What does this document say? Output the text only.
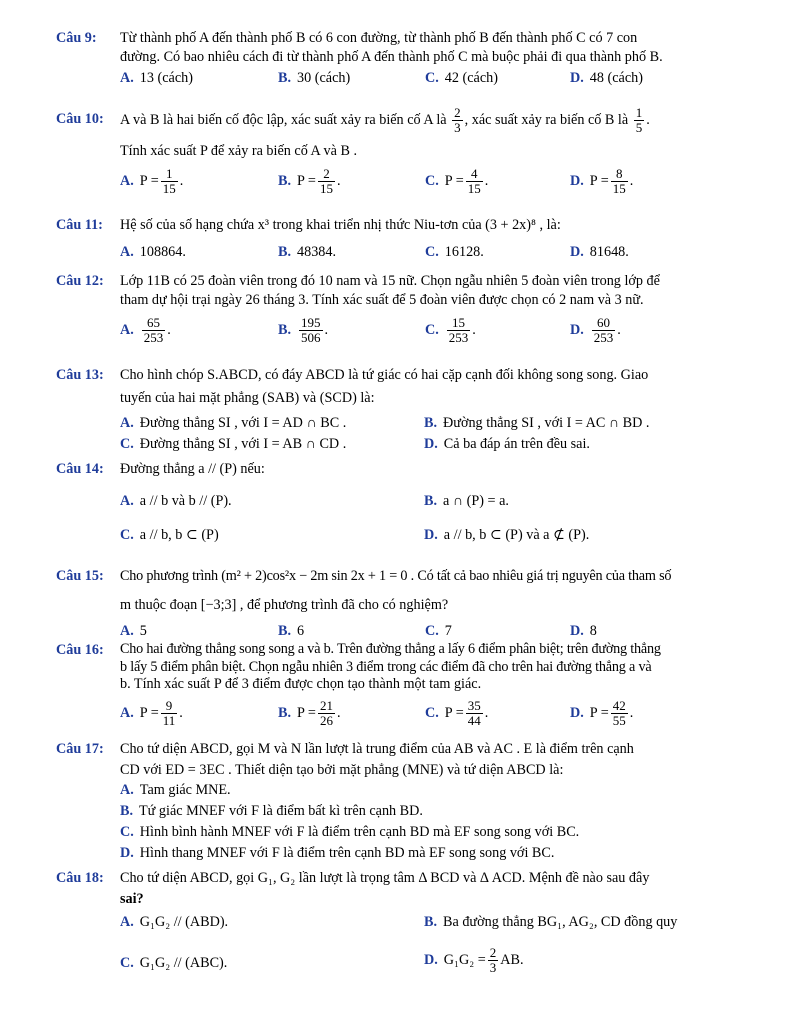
Câu 9: Từ thành phố A đến thành phố B có 6 con đường, từ thành phố B đến thành phố C có 7 con
đường. Có bao nhiêu cách đi từ thành phố A đến thành phố C mà buộc phải đi qua thành phố B.
A. 13 (cách)	B. 30 (cách)	C. 42 (cách)	D. 48 (cách)
Câu 10: A và B là hai biến cố độc lập, xác suất xảy ra biến cố A là $\frac{2}{3}$ , xác suất xảy ra biến cố B là $\frac{1}{5}$ .
Tính xác suất P để xảy ra biến cố A và B .
A. $P = \frac{1}{15}$ .	B. $P = \frac{2}{15}$ .	C. $P = \frac{4}{15}$ .	D. $P = \frac{8}{15}$ .
Câu 11: Hệ số của số hạng chứa x³ trong khai triển nhị thức Niu-tơn của (3 + 2x)⁸ , là:
A. 108864.	B. 48384.	C. 16128.	D. 81648.
Câu 12: Lớp 11B có 25 đoàn viên trong đó 10 nam và 15 nữ. Chọn ngẫu nhiên 5 đoàn viên trong lớp để
tham dự hội trại ngày 26 tháng 3. Tính xác suất để 5 đoàn viên được chọn có 2 nam và 3 nữ.
A. $\frac{65}{253}$ .	B. $\frac{195}{506}$ .	C. $\frac{15}{253}$ .	D. $\frac{60}{253}$ .
Câu 13: Cho hình chóp S.ABCD, có đáy ABCD là tứ giác có hai cặp cạnh đối không song song. Giao
tuyến của hai mặt phẳng (SAB) và (SCD) là:
A. Đường thẳng SI , với I = AD ∩ BC .	B. Đường thẳng SI , với I = AC ∩ BD .
C. Đường thẳng SI , với I = AB ∩ CD .	D. Cả ba đáp án trên đều sai.
Câu 14: Đường thẳng a // (P) nếu:
A. a // b và b // (P).	B. a ∩ (P) = a.
C. a // b, b ⊂ (P)	D. a // b, b ⊂ (P) và a ⊄ (P).
Câu 15: Cho phương trình (m² + 2)cos²x − 2m sin 2x + 1 = 0 . Có tất cả bao nhiêu giá trị nguyên của tham số
m thuộc đoạn [−3;3] , để phương trình đã cho có nghiệm?
A. 5	B. 6	C. 7	D. 8
Câu 16: Cho hai đường thẳng song song a và b. Trên đường thẳng a lấy 6 điểm phân biệt; trên đường thẳng
b lấy 5 điểm phân biệt. Chọn ngẫu nhiên 3 điểm trong các điểm đã cho trên hai đường thẳng a và
b. Tính xác suất P để 3 điểm được chọn tạo thành một tam giác.
A. $P = \frac{9}{11}$ .	B. $P = \frac{21}{26}$ .	C. $P = \frac{35}{44}$ .	D. $P = \frac{42}{55}$ .
Câu 17: Cho tứ diện ABCD, gọi M và N lần lượt là trung điểm của AB và AC . E là điểm trên cạnh
CD với ED = 3EC . Thiết diện tạo bởi mặt phẳng (MNE) và tứ diện ABCD là:
A. Tam giác MNE.
B. Tứ giác MNEF với F là điểm bất kì trên cạnh BD.
C. Hình bình hành MNEF với F là điểm trên cạnh BD mà EF song song với BC.
D. Hình thang MNEF với F là điểm trên cạnh BD mà EF song song với BC.
Câu 18: Cho tứ diện ABCD, gọi G₁, G₂ lần lượt là trọng tâm Δ BCD và Δ ACD. Mệnh đề nào sau đây
sai?
A. G₁G₂ // (ABD).	B. Ba đường thẳng BG₁, AG₂, CD đồng quy
C. G₁G₂ // (ABC).	D. $G_1G_2 = \frac{2}{3}$ AB.
